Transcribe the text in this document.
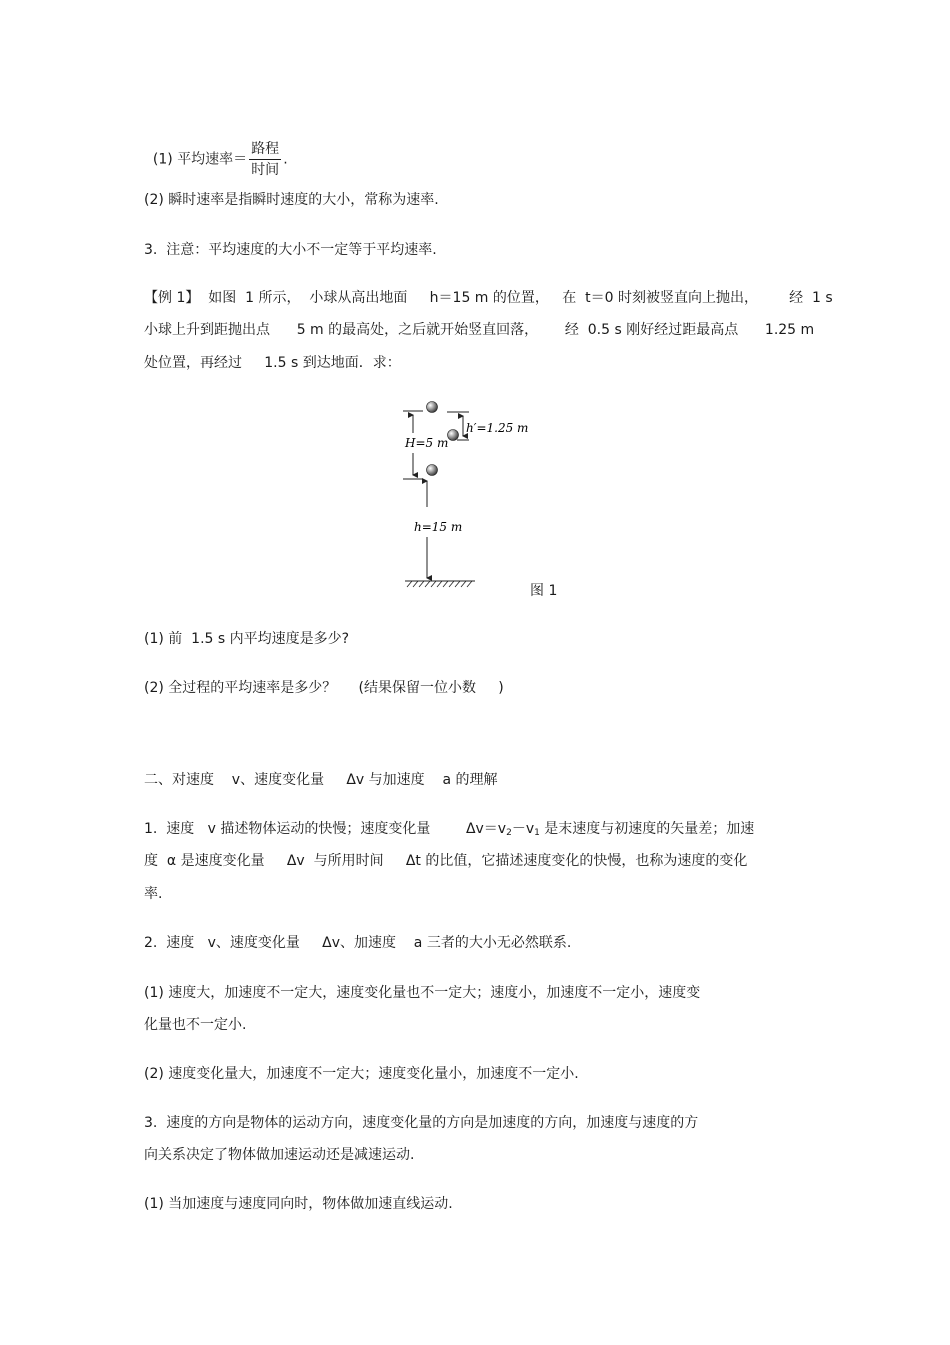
(1) 平均速率＝ $\frac{\text{路程}}{\text{时间}}$ .

(2) 瞬时速率是指瞬时速度的大小，常称为速率.
3.  注意：平均速度的大小不一定等于平均速率.
【例 1】  如图  1 所示，  小球从高出地面     h＝15 m 的位置，   在  t＝0 时刻被竖直向上抛出，       经  1 s
小球上升到距抛出点      5 m 的最高处，之后就开始竖直回落，      经  0.5 s 刚好经过距最高点      1.25 m
处位置，再经过     1.5 s 到达地面．求：
H=5 m
h′=1.25 m
h=15 m
图 1
(1) 前  1.5 s 内平均速度是多少?
(2) 全过程的平均速率是多少？     (结果保留一位小数     )
二、对速度    v、速度变化量     Δv 与加速度    a 的理解
1.  速度   v 描述物体运动的快慢；速度变化量        $\Delta v=v_2-v_1$ 是末速度与初速度的矢量差；加速
度  α 是速度变化量     Δv  与所用时间     Δt 的比值，它描述速度变化的快慢，也称为速度的变化
率.
2.  速度   v、速度变化量     Δv、加速度    a 三者的大小无必然联系.
(1) 速度大，加速度不一定大，速度变化量也不一定大；速度小，加速度不一定小，速度变
化量也不一定小.
(2) 速度变化量大，加速度不一定大；速度变化量小，加速度不一定小.
3.  速度的方向是物体的运动方向，速度变化量的方向是加速度的方向，加速度与速度的方
向关系决定了物体做加速运动还是减速运动.
(1) 当加速度与速度同向时，物体做加速直线运动.
